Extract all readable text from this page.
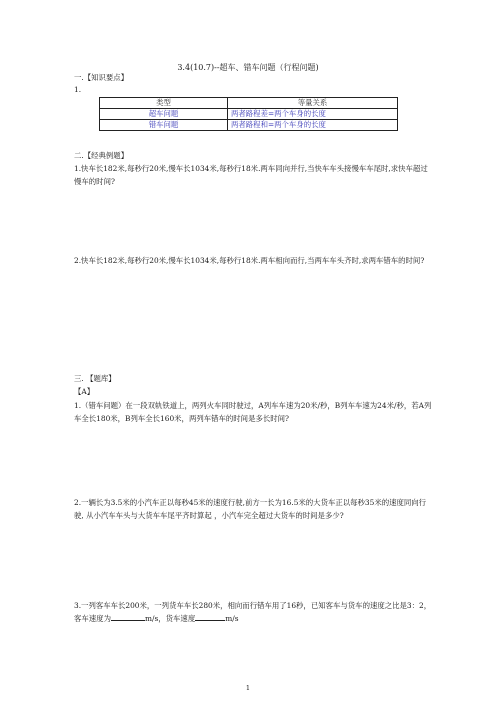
3.4(10.7)--超车、错车问题（行程问题)
一.【知识要点】
1.
类型	等量关系
超车问题	两者路程差=两个车身的长度
错车问题	两者路程和=两个车身的长度
二.【经典例题】
1.快车长182米,每秒行20米,慢车长1034米,每秒行18米.两车同向并行,当快车车头接慢车车尾时,求快车超过慢车的时间?
2.快车长182米,每秒行20米,慢车长1034米,每秒行18米.两车相向而行,当两车车头齐时,求两车错车的时间?
三. 【题库】
【A】
1.（错车问题）在一段双轨铁道上，两列火车同时驶过，A列车车速为20米/秒，B列车车速为24米/秒，若A列车全长180米，B列车全长160米，两列车错车的时间是多长时间?
2.一辆长为3.5米的小汽车正以每秒45米的速度行驶,前方一长为16.5米的大货车正以每秒35米的速度同向行驶, 从小汽车车头与大货车车尾平齐时算起 ，小汽车完全超过大货车的时间是多少?
3.一列客车车长200米，一列货车车长280米，相向而行错车用了16秒，已知客车与货车的速度之比是3：2，客车速度为	m/s，货车速度	m/s
1
